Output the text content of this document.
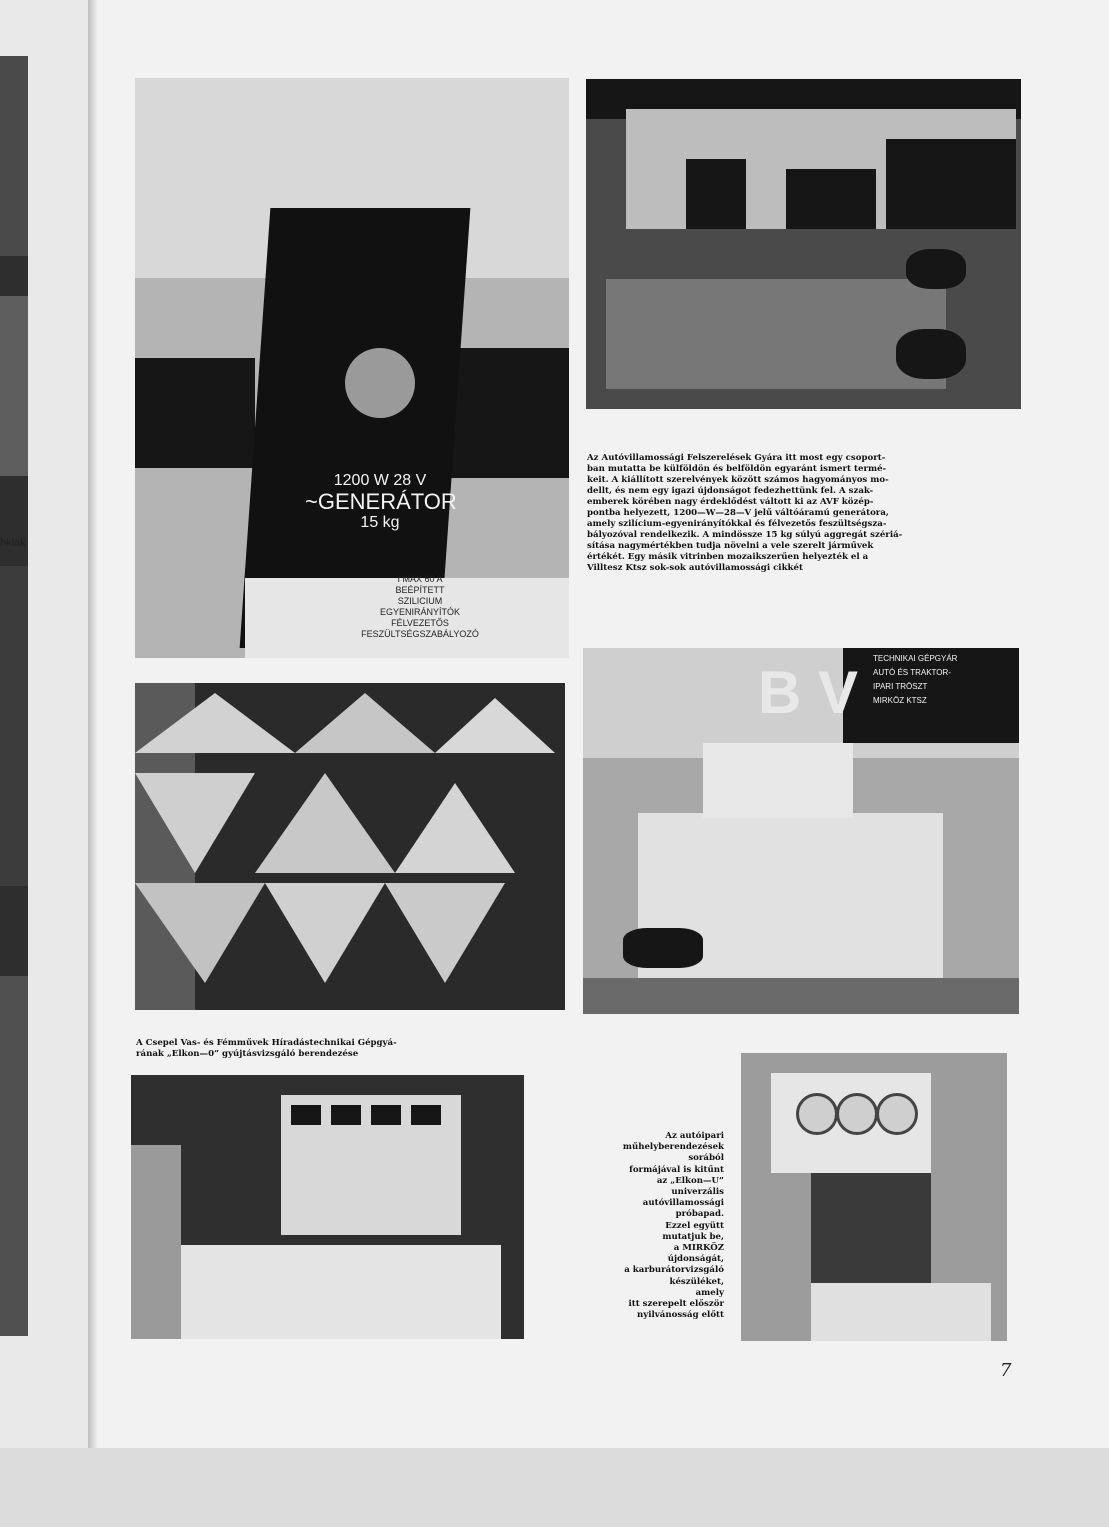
hklak
1200 W 28 V
~GENERÁTOR
15 kg
I MAX 60 A
BEÉPÍTETT
SZILICIUM
EGYENIRÁNYÍTÓK
FÉLVEZETŐS
FESZÜLTSÉGSZABÁLYOZÓ

Az Autóvillamossági Felszerelések Gyára itt most egy csoport-

ban mutatta be külföldön és belföldön egyaránt ismert termé-

keit. A kiállított szerelvények között számos hagyományos mo-

dellt, és nem egy igazi újdonságot fedezhettünk fel. A szak-

emberek körében nagy érdeklődést váltott ki az AVF közép-

pontba helyezett, 1200—W—28—V jelű váltóáramú generátora,

amely szilícium-egyenirányítókkal és félvezetős feszültségsza-

bályozóval rendelkezik. A mindössze 15 kg súlyú aggregát szériá-

sítása nagymértékben tudja növelni a vele szerelt járművek

értékét. Egy másik vitrinben mozaikszerűen helyezték el a

Villtesz Ktsz sok-sok autóvillamossági cikkét

B V
TECHNIKAI GÉPGYÁR
AUTÓ ÉS TRAKTOR-
IPARI TRÖSZT
MIRKÖZ KTSZ

A Csepel Vas- és Fémművek Híradástechnikai Gépgyá-

rának „Elkon—0” gyújtásvizsgáló berendezése

Az autóipari

műhelyberendezések

sorából

formájával is kitűnt

az „Elkon—U”

univerzális

autóvillamossági

próbapad.

Ezzel együtt

mutatjuk be,

a MIRKÖZ

újdonságát,

a karburátorvizsgáló

készüléket,

amely

itt szerepelt először

nyilvánosság előtt

7
